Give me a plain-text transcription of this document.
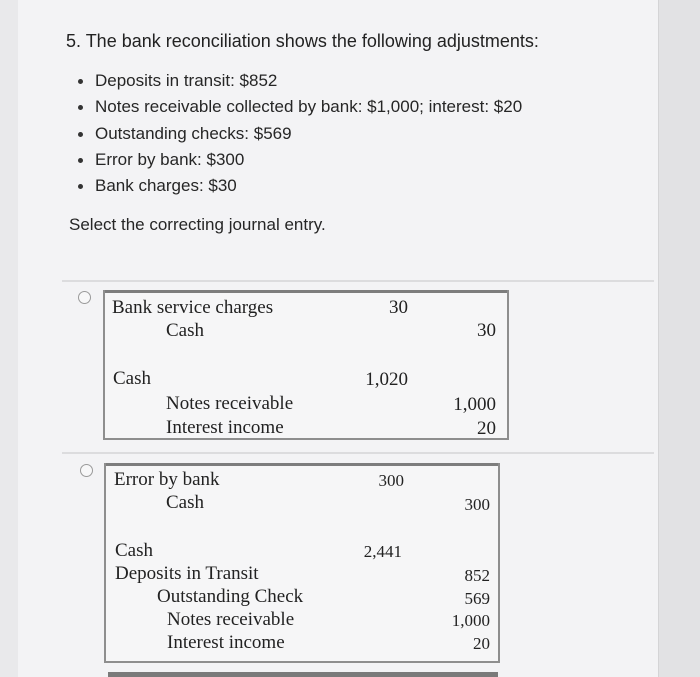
5. The bank reconciliation shows the following adjustments:
Deposits in transit: $852
Notes receivable collected by bank: $1,000; interest: $20
Outstanding checks: $569
Error by bank: $300
Bank charges: $30
Select the correcting journal entry.
Bank service charges
Cash
30
30
Cash
Notes receivable
Interest income
1,020
1,000
20
Error by bank
Cash
300
300
Cash
Deposits in Transit
Outstanding Check
Notes receivable
Interest income
2,441
852
569
1,000
20
